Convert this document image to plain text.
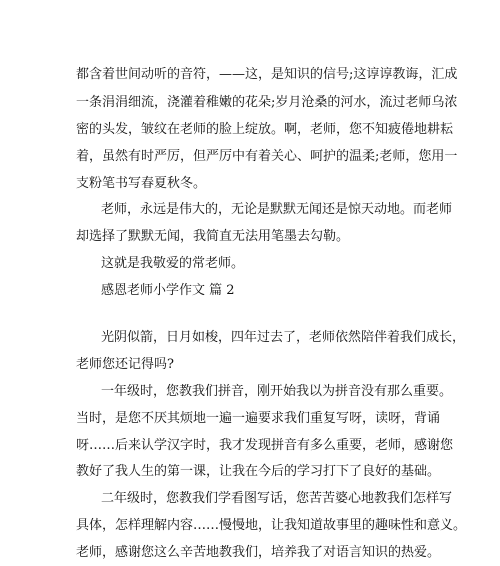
都含着世间动听的音符，——这，是知识的信号;这谆谆教诲，汇成
一条涓涓细流，浇灌着稚嫩的花朵;岁月沧桑的河水，流过老师乌浓
密的头发，皱纹在老师的脸上绽放。啊，老师，您不知疲倦地耕耘
着，虽然有时严厉，但严厉中有着关心、呵护的温柔;老师，您用一
支粉笔书写春夏秋冬。
老师，永远是伟大的，无论是默默无闻还是惊天动地。而老师
却选择了默默无闻，我简直无法用笔墨去勾勒。
这就是我敬爱的常老师。
感恩老师小学作文 篇 2
光阴似箭，日月如梭，四年过去了，老师依然陪伴着我们成长，
老师您还记得吗?
一年级时，您教我们拼音，刚开始我以为拼音没有那么重要。
当时，是您不厌其烦地一遍一遍要求我们重复写呀，读呀，背诵
呀……后来认学汉字时，我才发现拼音有多么重要，老师，感谢您
教好了我人生的第一课，让我在今后的学习打下了良好的基础。
二年级时，您教我们学看图写话，您苦苦婆心地教我们怎样写
具体，怎样理解内容……慢慢地，让我知道故事里的趣味性和意义。
老师，感谢您这么辛苦地教我们，培养我了对语言知识的热爱。
